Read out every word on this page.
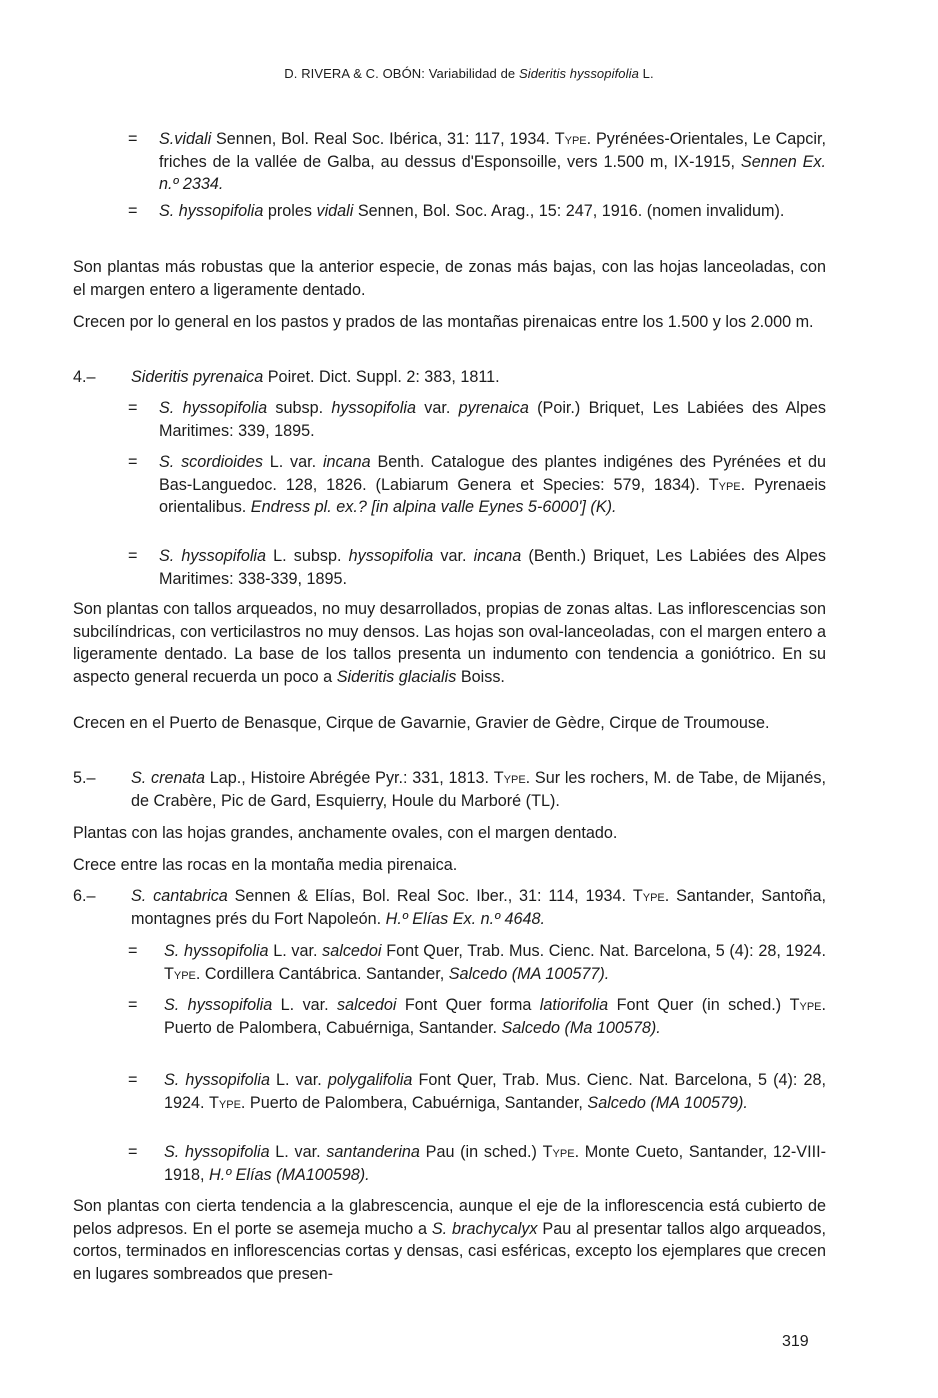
D. RIVERA & C. OBÓN: Variabilidad de Sideritis hyssopifolia L.
=	S.vidali Sennen, Bol. Real Soc. Ibérica, 31: 117, 1934. Type. Pyrénées-Orientales, Le Capcir, friches de la vallée de Galba, au dessus d'Esponsoille, vers 1.500 m, IX-1915, Sennen Ex. n.º 2334.
=	S. hyssopifolia proles vidali Sennen, Bol. Soc. Arag., 15: 247, 1916. (nomen invalidum).
Son plantas más robustas que la anterior especie, de zonas más bajas, con las hojas lanceoladas, con el margen entero a ligeramente dentado.
Crecen por lo general en los pastos y prados de las montañas pirenaicas entre los 1.500 y los 2.000 m.
4.– Sideritis pyrenaica Poiret. Dict. Suppl. 2: 383, 1811.
=	S. hyssopifolia subsp. hyssopifolia var. pyrenaica (Poir.) Briquet, Les Labiées des Alpes Maritimes: 339, 1895.
=	S. scordioides L. var. incana Benth. Catalogue des plantes indigénes des Pyrénées et du Bas-Languedoc. 128, 1826. (Labiarum Genera et Species: 579, 1834). Type. Pyrenaeis orientalibus. Endress pl. ex.? [in alpina valle Eynes 5-6000'] (K).
=	S. hyssopifolia L. subsp. hyssopifolia var. incana (Benth.) Briquet, Les Labiées des Alpes Maritimes: 338-339, 1895.
Son plantas con tallos arqueados, no muy desarrollados, propias de zonas altas. Las inflorescencias son subcilíndricas, con verticilastros no muy densos. Las hojas son oval-lanceoladas, con el margen entero a ligeramente dentado. La base de los tallos presenta un indumento con tendencia a goniótrico. En su aspecto general recuerda un poco a Sideritis glacialis Boiss.
Crecen en el Puerto de Benasque, Cirque de Gavarnie, Gravier de Gèdre, Cirque de Troumouse.
5.– S. crenata Lap., Histoire Abrégée Pyr.: 331, 1813. Type. Sur les rochers, M. de Tabe, de Mijanés, de Crabère, Pic de Gard, Esquierry, Houle du Marboré (TL).
Plantas con las hojas grandes, anchamente ovales, con el margen dentado.
Crece entre las rocas en la montaña media pirenaica.
6.– S. cantabrica Sennen & Elías, Bol. Real Soc. Iber., 31: 114, 1934. Type. Santander, Santoña, montagnes prés du Fort Napoleón. H.º Elías Ex. n.º 4648.
=	S. hyssopifolia L. var. salcedoi Font Quer, Trab. Mus. Cienc. Nat. Barcelona, 5 (4): 28, 1924. Type. Cordillera Cantábrica. Santander, Salcedo (MA 100577).
=	S. hyssopifolia L. var. salcedoi Font Quer forma latiorifolia Font Quer (in sched.) Type. Puerto de Palombera, Cabuérniga, Santander. Salcedo (Ma 100578).
=	S. hyssopifolia L. var. polygalifolia Font Quer, Trab. Mus. Cienc. Nat. Barcelona, 5 (4): 28, 1924. Type. Puerto de Palombera, Cabuérniga, Santander, Salcedo (MA 100579).
=	S. hyssopifolia L. var. santanderina Pau (in sched.) Type. Monte Cueto, Santander, 12-VIII-1918, H.º Elías (MA100598).
Son plantas con cierta tendencia a la glabrescencia, aunque el eje de la inflorescencia está cubierto de pelos adpresos. En el porte se asemeja mucho a S. brachycalyx Pau al presentar tallos algo arqueados, cortos, terminados en inflorescencias cortas y densas, casi esféricas, excepto los ejemplares que crecen en lugares sombreados que presen-
319
